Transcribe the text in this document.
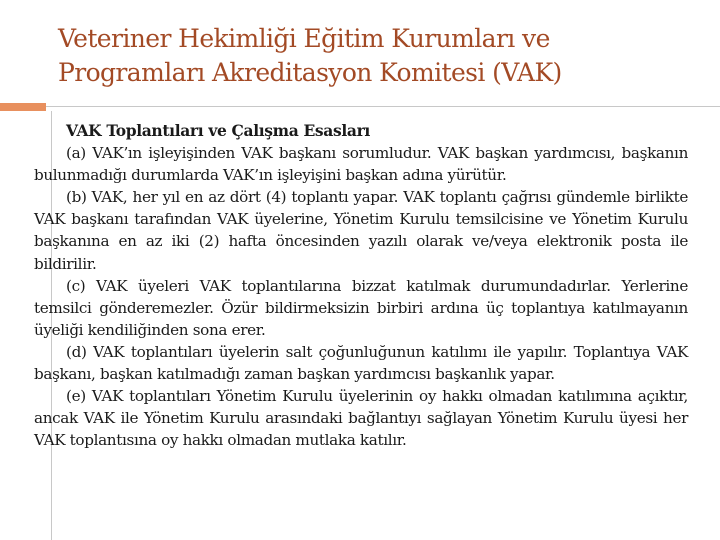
Veteriner Hekimliği Eğitim Kurumları ve
Programları Akreditasyon Komitesi (VAK)

VAK Toplantıları ve Çalışma Esasları

(a) VAK’ın işleyişinden VAK başkanı sorumludur. VAK başkan yardımcısı, başkanın bulunmadığı durumlarda VAK’ın işleyişini başkan adına yürütür.

(b) VAK, her yıl en az dört (4) toplantı yapar. VAK toplantı çağrısı gündemle birlikte VAK başkanı tarafından VAK üyelerine, Yönetim Kurulu temsilcisine ve Yönetim Kurulu başkanına en az iki (2) hafta öncesinden yazılı olarak ve/veya elektronik posta ile bildirilir.

(c) VAK üyeleri VAK toplantılarına bizzat katılmak durumundadırlar. Yerlerine temsilci gönderemezler. Özür bildirmeksizin birbiri ardına üç toplantıya katılmayanın üyeliği kendiliğinden sona erer.

(d) VAK toplantıları üyelerin salt çoğunluğunun katılımı ile yapılır. Toplantıya VAK başkanı, başkan katılmadığı zaman başkan yardımcısı başkanlık yapar.

(e) VAK toplantıları Yönetim Kurulu üyelerinin oy hakkı olmadan katılımına açıktır, ancak VAK ile Yönetim Kurulu arasındaki bağlantıyı sağlayan Yönetim Kurulu üyesi her VAK toplantısına oy hakkı olmadan mutlaka katılır.
